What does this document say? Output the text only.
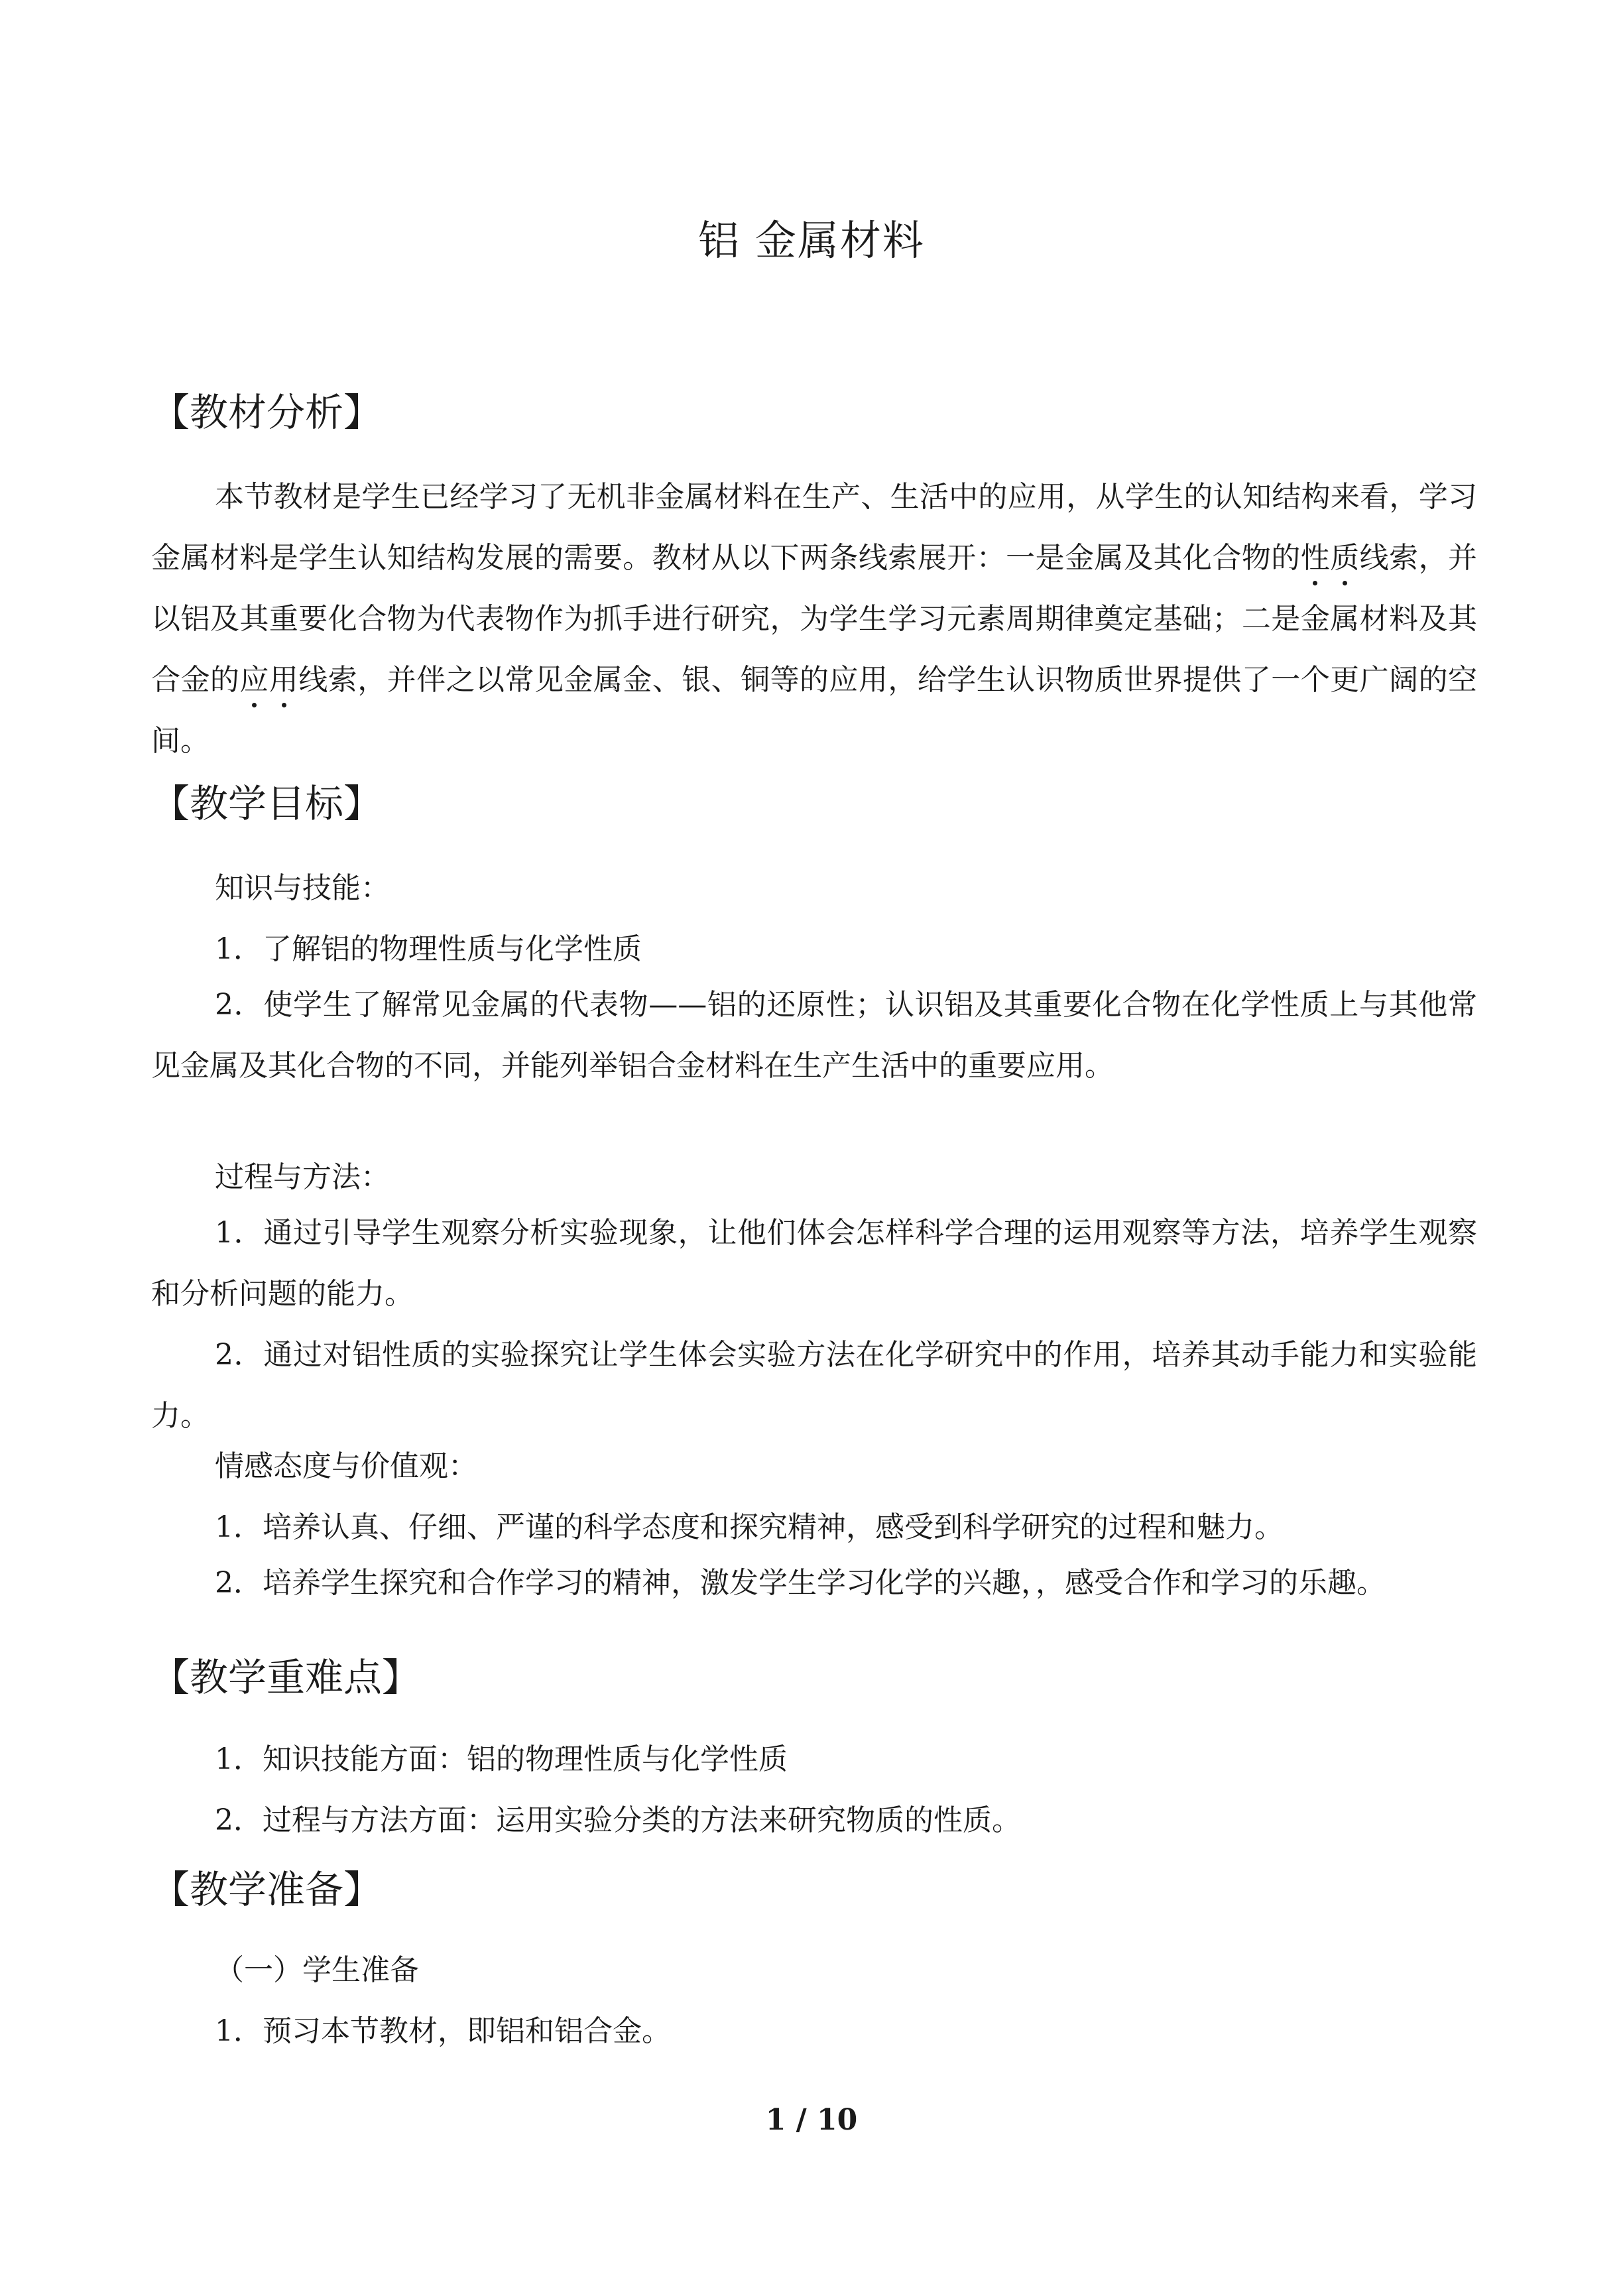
铝 金属材料
【教材分析】

本节教材是学生已经学习了无机非金属材料在生产、生活中的应用，从学生的认知结构来看，学习金属材料是学生认知结构发展的需要。教材从以下两条线索展开：一是金属及其化合物的性质线索，并以铝及其重要化合物为代表物作为抓手进行研究，为学生学习元素周期律奠定基础；二是金属材料及其合金的应用线索，并伴之以常见金属金、银、铜等的应用，给学生认识物质世界提供了一个更广阔的空间。

【教学目标】
知识与技能：
1．了解铝的物理性质与化学性质

2．使学生了解常见金属的代表物——铝的还原性；认识铝及其重要化合物在化学性质上与其他常见金属及其化合物的不同，并能列举铝合金材料在生产生活中的重要应用。

过程与方法：

1．通过引导学生观察分析实验现象，让他们体会怎样科学合理的运用观察等方法，培养学生观察和分析问题的能力。

2．通过对铝性质的实验探究让学生体会实验方法在化学研究中的作用，培养其动手能力和实验能力。

情感态度与价值观：
1．培养认真、仔细、严谨的科学态度和探究精神，感受到科学研究的过程和魅力。

2．培养学生探究和合作学习的精神，激发学生学习化学的兴趣，，感受合作和学习的乐趣。

【教学重难点】
1．知识技能方面：铝的物理性质与化学性质
2．过程与方法方面：运用实验分类的方法来研究物质的性质。
【教学准备】
（一）学生准备
1．预习本节教材，即铝和铝合金。
1 / 10
